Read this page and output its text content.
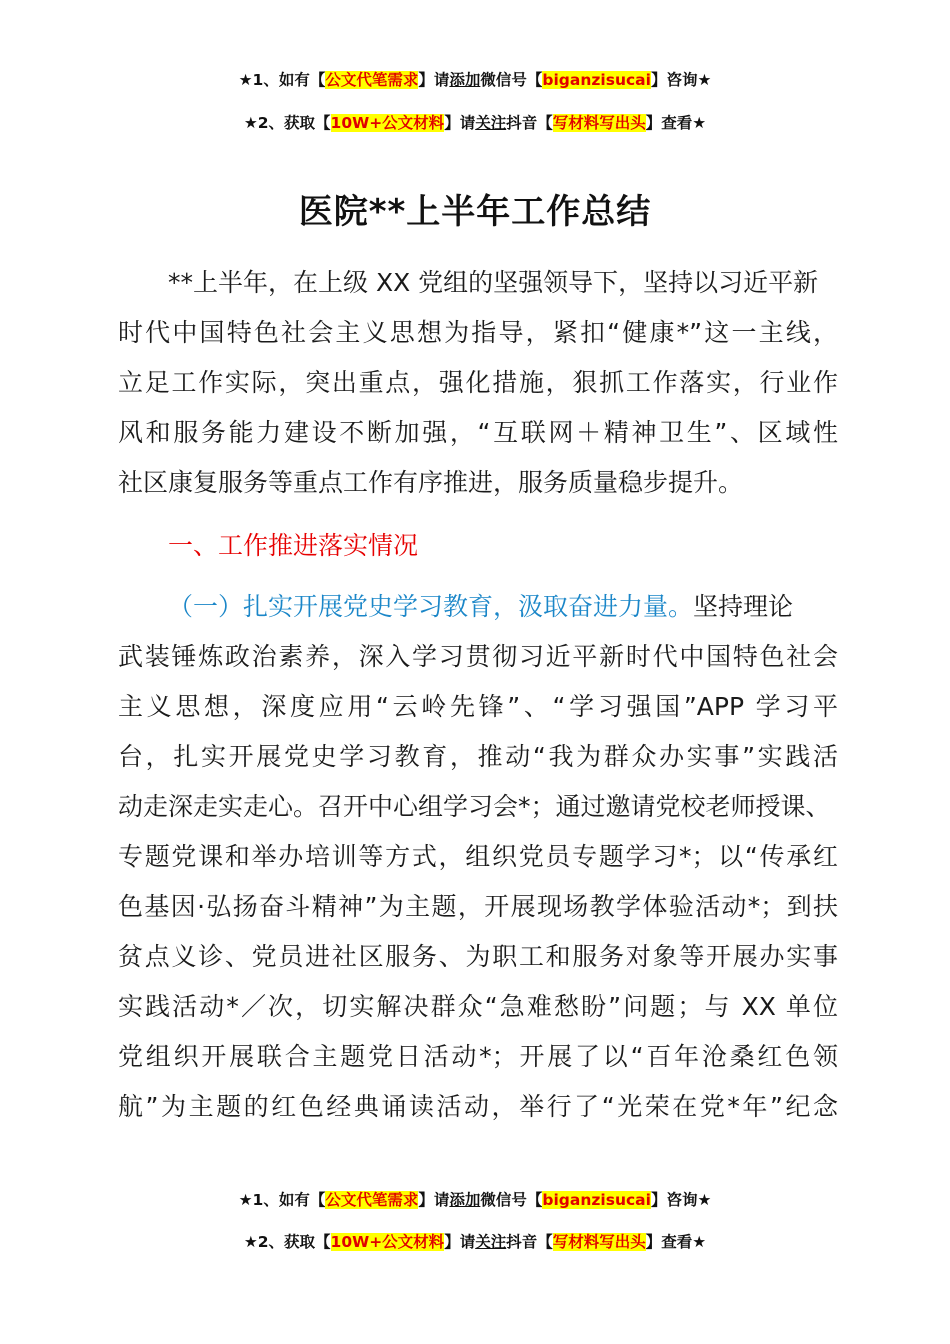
★1、如有【公文代笔需求】请添加微信号【biganzisucai】咨询★
★2、获取【10W+公文材料】请关注抖音【写材料写出头】查看★
医院**上半年工作总结
**上半年，在上级 XX 党组的坚强领导下，坚持以习近平新
时代中国特色社会主义思想为指导，紧扣“健康*”这一主线，
立足工作实际，突出重点，强化措施，狠抓工作落实，行业作
风和服务能力建设不断加强，“互联网＋精神卫生”、区域性
社区康复服务等重点工作有序推进，服务质量稳步提升。
一、工作推进落实情况
（一）扎实开展党史学习教育，汲取奋进力量。坚持理论
武装锤炼政治素养，深入学习贯彻习近平新时代中国特色社会
主义思想，深度应用“云岭先锋”、“学习强国”APP 学习平
台，扎实开展党史学习教育，推动“我为群众办实事”实践活
动走深走实走心。召开中心组学习会*；通过邀请党校老师授课、
专题党课和举办培训等方式，组织党员专题学习*；以“传承红
色基因·弘扬奋斗精神”为主题，开展现场教学体验活动*；到扶
贫点义诊、党员进社区服务、为职工和服务对象等开展办实事
实践活动*／次，切实解决群众“急难愁盼”问题；与 XX 单位
党组织开展联合主题党日活动*；开展了以“百年沧桑红色领
航”为主题的红色经典诵读活动，举行了“光荣在党*年”纪念
★1、如有【公文代笔需求】请添加微信号【biganzisucai】咨询★
★2、获取【10W+公文材料】请关注抖音【写材料写出头】查看★
